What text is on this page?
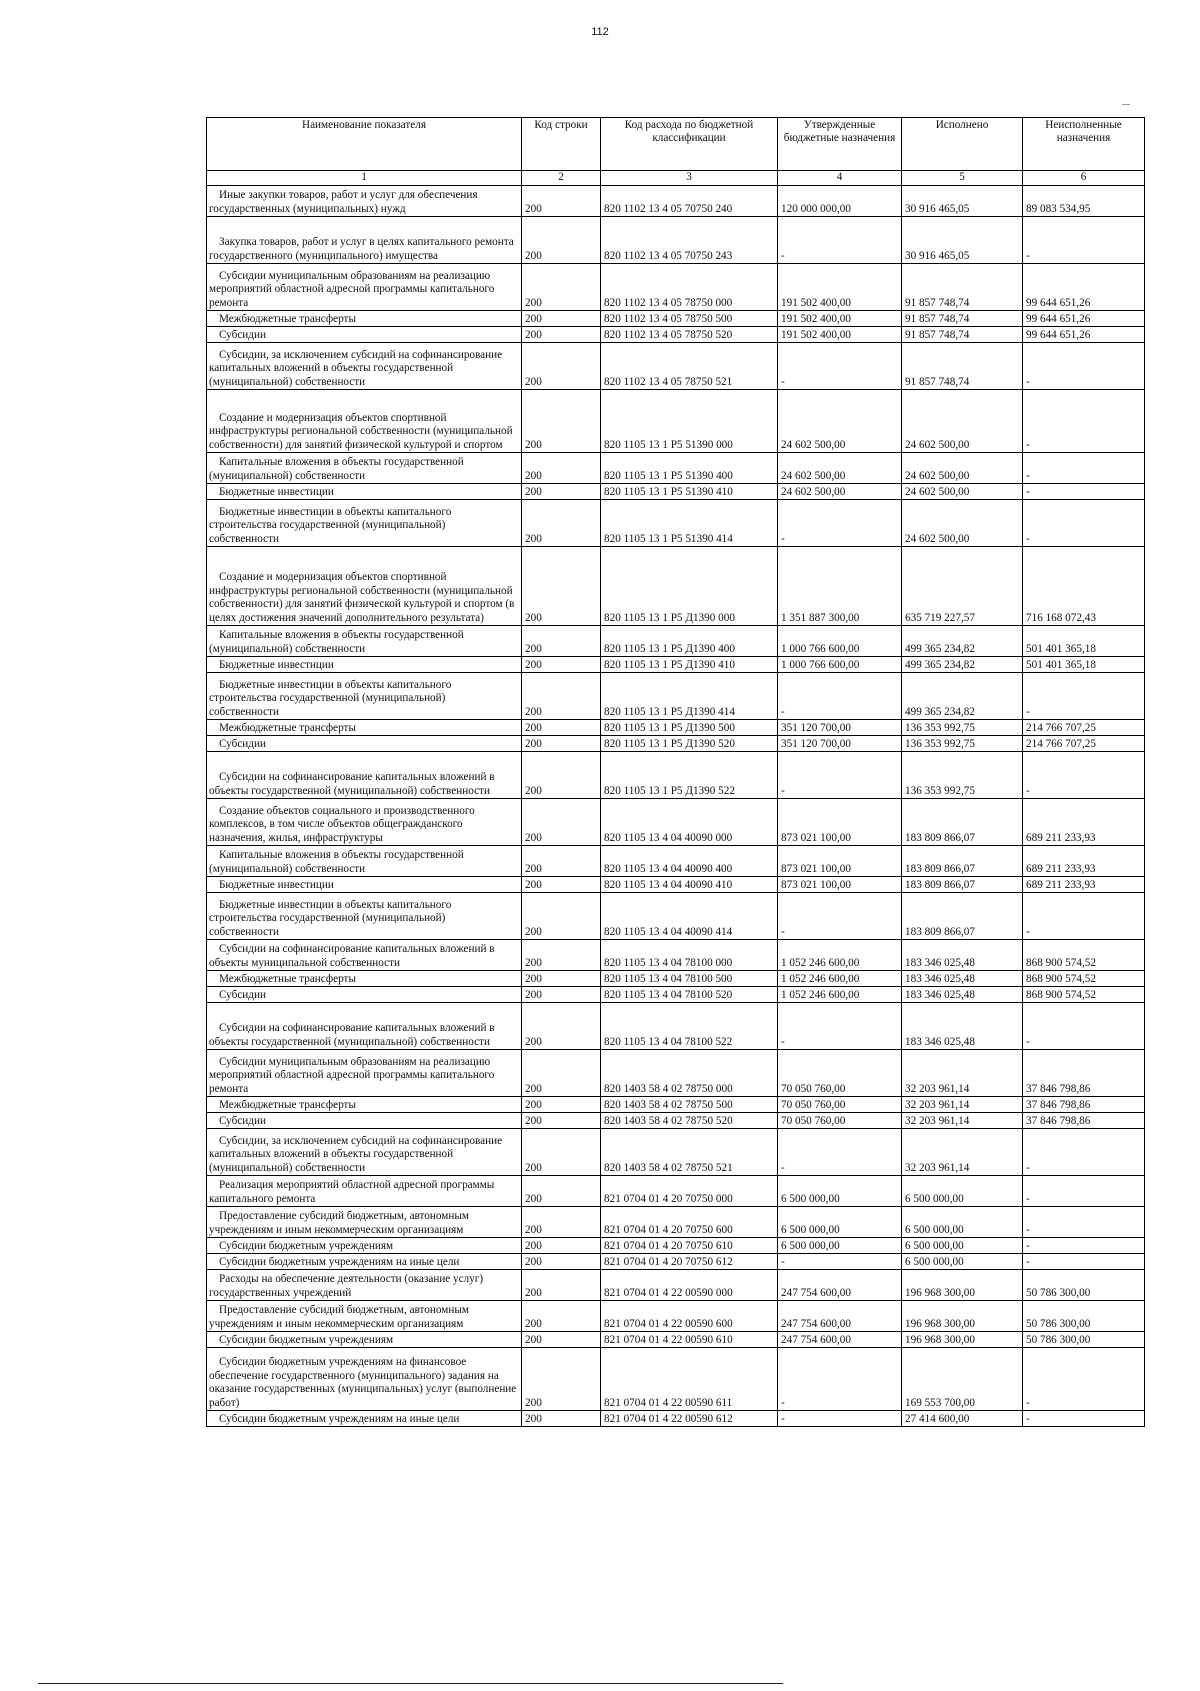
112
Наименование показателя	Код строки	Код расхода по бюджетной классификации	Утвержденные бюджетные назначения	Исполнено	Неисполненные назначения
1	2	3	4	5	6

Иные закупки товаров, работ и услуг для обеспечения государственных (муниципальных) нужд	200	820 1102 13 4 05 70750 240	120 000 000,00	30 916 465,05	89 083 534,95

Закупка товаров, работ и услуг в целях капитального ремонта государственного (муниципального) имущества	200	820 1102 13 4 05 70750 243	-	30 916 465,05	-

Субсидии муниципальным образованиям на реализацию мероприятий областной адресной программы капитального ремонта	200	820 1102 13 4 05 78750 000	191 502 400,00	91 857 748,74	99 644 651,26

Межбюджетные трансферты	200	820 1102 13 4 05 78750 500	191 502 400,00	91 857 748,74	99 644 651,26

Субсидии	200	820 1102 13 4 05 78750 520	191 502 400,00	91 857 748,74	99 644 651,26

Субсидии, за исключением субсидий на софинансирование капитальных вложений в объекты государственной (муниципальной) собственности	200	820 1102 13 4 05 78750 521	-	91 857 748,74	-

Создание и модернизация объектов спортивной инфраструктуры региональной собственности (муниципальной собственности) для занятий физической культурой и спортом	200	820 1105 13 1 P5 51390 000	24 602 500,00	24 602 500,00	-

Капитальные вложения в объекты государственной (муниципальной) собственности	200	820 1105 13 1 P5 51390 400	24 602 500,00	24 602 500,00	-

Бюджетные инвестиции	200	820 1105 13 1 P5 51390 410	24 602 500,00	24 602 500,00	-

Бюджетные инвестиции в объекты капитального строительства государственной (муниципальной) собственности	200	820 1105 13 1 P5 51390 414	-	24 602 500,00	-

Создание и модернизация объектов спортивной инфраструктуры региональной собственности (муниципальной собственности) для занятий физической культурой и спортом (в целях достижения значений дополнительного результата)	200	820 1105 13 1 P5 Д1390 000	1 351 887 300,00	635 719 227,57	716 168 072,43

Капитальные вложения в объекты государственной (муниципальной) собственности	200	820 1105 13 1 P5 Д1390 400	1 000 766 600,00	499 365 234,82	501 401 365,18

Бюджетные инвестиции	200	820 1105 13 1 P5 Д1390 410	1 000 766 600,00	499 365 234,82	501 401 365,18

Бюджетные инвестиции в объекты капитального строительства государственной (муниципальной) собственности	200	820 1105 13 1 P5 Д1390 414	-	499 365 234,82	-

Межбюджетные трансферты	200	820 1105 13 1 P5 Д1390 500	351 120 700,00	136 353 992,75	214 766 707,25

Субсидии	200	820 1105 13 1 P5 Д1390 520	351 120 700,00	136 353 992,75	214 766 707,25

Субсидии на софинансирование капитальных вложений в объекты государственной (муниципальной) собственности	200	820 1105 13 1 P5 Д1390 522	-	136 353 992,75	-

Создание объектов социального и производственного комплексов, в том числе объектов общегражданского назначения, жилья, инфраструктуры	200	820 1105 13 4 04 40090 000	873 021 100,00	183 809 866,07	689 211 233,93

Капитальные вложения в объекты государственной (муниципальной) собственности	200	820 1105 13 4 04 40090 400	873 021 100,00	183 809 866,07	689 211 233,93

Бюджетные инвестиции	200	820 1105 13 4 04 40090 410	873 021 100,00	183 809 866,07	689 211 233,93

Бюджетные инвестиции в объекты капитального строительства государственной (муниципальной) собственности	200	820 1105 13 4 04 40090 414	-	183 809 866,07	-

Субсидии на софинансирование капитальных вложений в объекты муниципальной собственности	200	820 1105 13 4 04 78100 000	1 052 246 600,00	183 346 025,48	868 900 574,52

Межбюджетные трансферты	200	820 1105 13 4 04 78100 500	1 052 246 600,00	183 346 025,48	868 900 574,52

Субсидии	200	820 1105 13 4 04 78100 520	1 052 246 600,00	183 346 025,48	868 900 574,52

Субсидии на софинансирование капитальных вложений в объекты государственной (муниципальной) собственности	200	820 1105 13 4 04 78100 522	-	183 346 025,48	-

Субсидии муниципальным образованиям на реализацию мероприятий областной адресной программы капитального ремонта	200	820 1403 58 4 02 78750 000	70 050 760,00	32 203 961,14	37 846 798,86

Межбюджетные трансферты	200	820 1403 58 4 02 78750 500	70 050 760,00	32 203 961,14	37 846 798,86

Субсидии	200	820 1403 58 4 02 78750 520	70 050 760,00	32 203 961,14	37 846 798,86

Субсидии, за исключением субсидий на софинансирование капитальных вложений в объекты государственной (муниципальной) собственности	200	820 1403 58 4 02 78750 521	-	32 203 961,14	-

Реализация мероприятий областной адресной программы капитального ремонта	200	821 0704 01 4 20 70750 000	6 500 000,00	6 500 000,00	-

Предоставление субсидий бюджетным, автономным учреждениям и иным некоммерческим организациям	200	821 0704 01 4 20 70750 600	6 500 000,00	6 500 000,00	-

Субсидии бюджетным учреждениям	200	821 0704 01 4 20 70750 610	6 500 000,00	6 500 000,00	-

Субсидии бюджетным учреждениям на иные цели	200	821 0704 01 4 20 70750 612	-	6 500 000,00	-

Расходы на обеспечение деятельности (оказание услуг) государственных учреждений	200	821 0704 01 4 22 00590 000	247 754 600,00	196 968 300,00	50 786 300,00

Предоставление субсидий бюджетным, автономным учреждениям и иным некоммерческим организациям	200	821 0704 01 4 22 00590 600	247 754 600,00	196 968 300,00	50 786 300,00

Субсидии бюджетным учреждениям	200	821 0704 01 4 22 00590 610	247 754 600,00	196 968 300,00	50 786 300,00

Субсидии бюджетным учреждениям на финансовое обеспечение государственного (муниципального) задания на оказание государственных (муниципальных) услуг (выполнение работ)	200	821 0704 01 4 22 00590 611	-	169 553 700,00	-

Субсидии бюджетным учреждениям на иные цели	200	821 0704 01 4 22 00590 612	-	27 414 600,00	-
